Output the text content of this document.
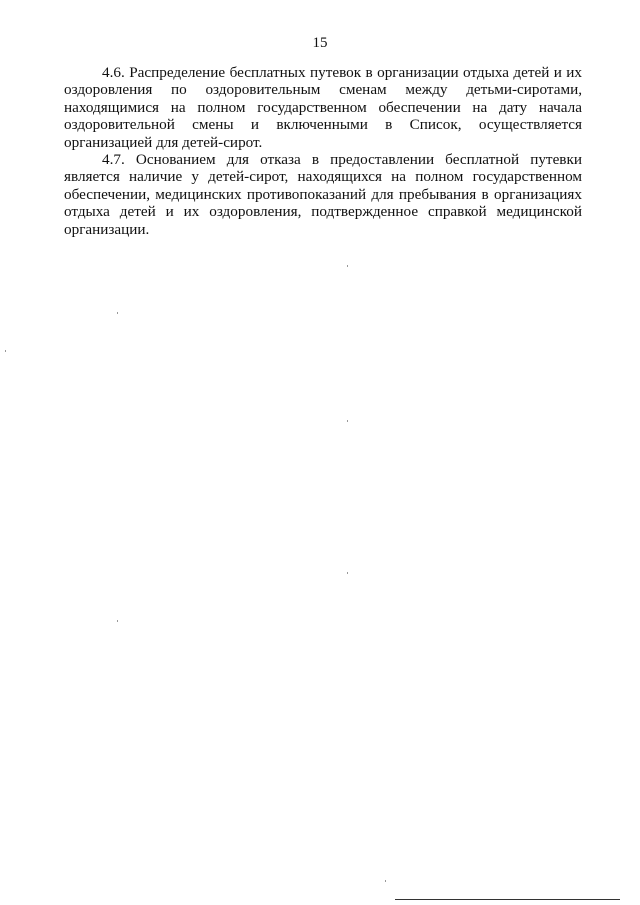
15
4.6. Распределение бесплатных путевок в организации отдыха детей и их
оздоровления по оздоровительным сменам между детьми-сиротами,
находящимися на полном государственном обеспечении на дату начала
оздоровительной смены и включенными в Список, осуществляется
организацией для детей-сирот.
4.7. Основанием для отказа в предоставлении бесплатной путевки
является наличие у детей-сирот, находящихся на полном государственном
обеспечении, медицинских противопоказаний для пребывания в организациях
отдыха детей и их оздоровления, подтвержденное справкой медицинской
организации.
